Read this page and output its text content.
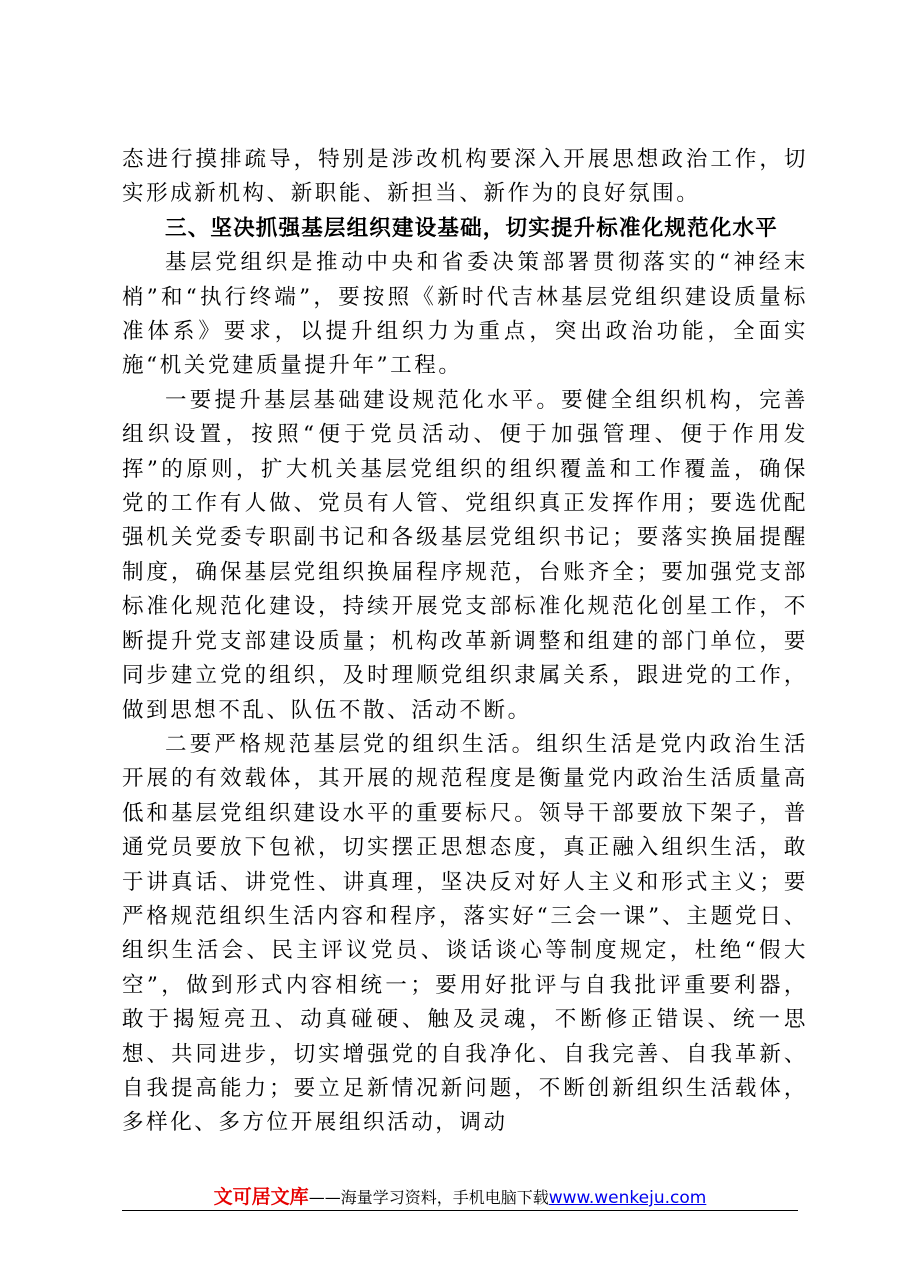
态进行摸排疏导，特别是涉改机构要深入开展思想政治工作，切实形成新机构、新职能、新担当、新作为的良好氛围。

三、坚决抓强基层组织建设基础，切实提升标准化规范化水平

基层党组织是推动中央和省委决策部署贯彻落实的“神经末梢”和“执行终端”，要按照《新时代吉林基层党组织建设质量标准体系》要求，以提升组织力为重点，突出政治功能，全面实施“机关党建质量提升年”工程。

一要提升基层基础建设规范化水平。要健全组织机构，完善组织设置，按照“便于党员活动、便于加强管理、便于作用发挥”的原则，扩大机关基层党组织的组织覆盖和工作覆盖，确保党的工作有人做、党员有人管、党组织真正发挥作用；要选优配强机关党委专职副书记和各级基层党组织书记；要落实换届提醒制度，确保基层党组织换届程序规范，台账齐全；要加强党支部标准化规范化建设，持续开展党支部标准化规范化创星工作，不断提升党支部建设质量；机构改革新调整和组建的部门单位，要同步建立党的组织，及时理顺党组织隶属关系，跟进党的工作，做到思想不乱、队伍不散、活动不断。

二要严格规范基层党的组织生活。组织生活是党内政治生活开展的有效载体，其开展的规范程度是衡量党内政治生活质量高低和基层党组织建设水平的重要标尺。领导干部要放下架子，普通党员要放下包袱，切实摆正思想态度，真正融入组织生活，敢于讲真话、讲党性、讲真理，坚决反对好人主义和形式主义；要严格规范组织生活内容和程序，落实好“三会一课”、主题党日、组织生活会、民主评议党员、谈话谈心等制度规定，杜绝“假大空”，做到形式内容相统一；要用好批评与自我批评重要利器，敢于揭短亮丑、动真碰硬、触及灵魂，不断修正错误、统一思想、共同进步，切实增强党的自我净化、自我完善、自我革新、自我提高能力；要立足新情况新问题，不断创新组织生活载体，多样化、多方位开展组织活动，调动

文可居文库——海量学习资料，手机电脑下载www.wenkeju.com
